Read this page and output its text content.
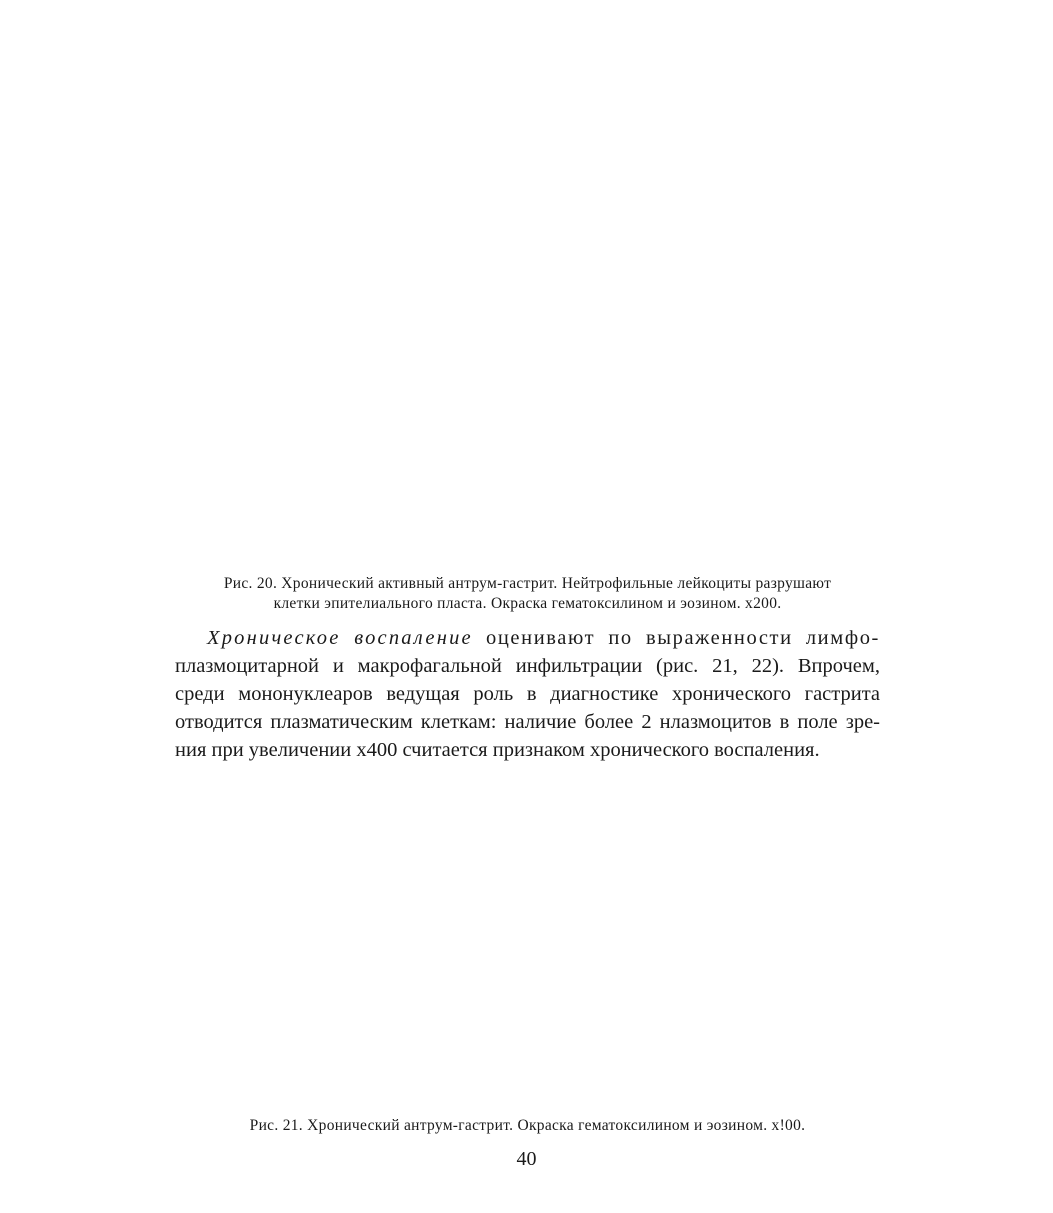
Рис. 20. Хронический активный антрум-гастрит. Нейтрофильные лейкоциты разрушают
клетки эпителиального пласта. Окраска гематоксилином и эозином. х200.
Хроническое воспаление оценивают по выраженности лимфо-
плазмоцитарной и макрофагальной инфильтрации (рис. 21, 22). Впрочем,
среди мононуклеаров ведущая роль в диагностике хронического гастрита
отводится плазматическим клеткам: наличие более 2 нлазмоцитов в поле зре-
ния при увеличении х400 считается признаком хронического воспаления.
Рис. 21. Хронический антрум-гастрит. Окраска гематоксилином и эозином. х!00.
40
